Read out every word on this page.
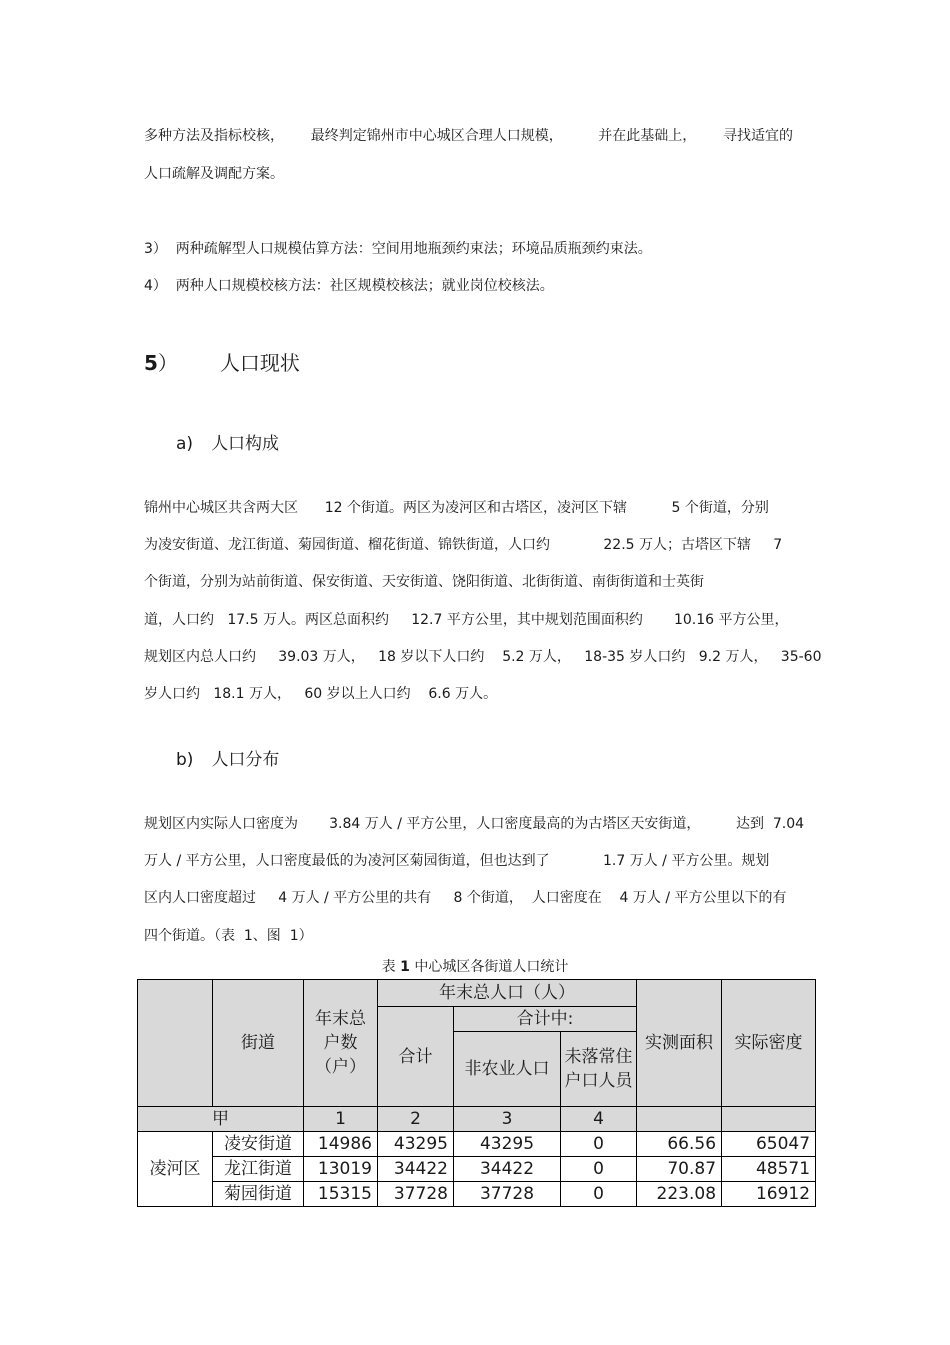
多种方法及指标校核，      最终判定锦州市中心城区合理人口规模，        并在此基础上，      寻找适宜的
人口疏解及调配方案。
3）  两种疏解型人口规模估算方法：空间用地瓶颈约束法；环境品质瓶颈约束法。
4）  两种人口规模校核方法：社区规模校核法；就业岗位校核法。
5） 人口现状
a) 人口构成
锦州中心城区共含两大区      12 个街道。两区为凌河区和古塔区，凌河区下辖          5 个街道，分别
为凌安街道、龙江街道、菊园街道、榴花街道、锦铁街道，人口约            22.5 万人；古塔区下辖     7
个街道，分别为站前街道、保安街道、天安街道、饶阳街道、北街街道、南街街道和士英街
道，人口约   17.5 万人。两区总面积约     12.7 平方公里，其中规划范围面积约       10.16 平方公里，
规划区内总人口约     39.03 万人，   18 岁以下人口约    5.2 万人，   18-35 岁人口约   9.2 万人，   35-60
岁人口约   18.1 万人，   60 岁以上人口约    6.6 万人。
b) 人口分布
规划区内实际人口密度为       3.84 万人 / 平方公里，人口密度最高的为古塔区天安街道，        达到  7.04
万人 / 平方公里，人口密度最低的为凌河区菊园街道，但也达到了            1.7 万人 / 平方公里。规划
区内人口密度超过     4 万人 / 平方公里的共有     8 个街道，  人口密度在    4 万人 / 平方公里以下的有
四个街道。（表  1、图  1）
表 1 中心城区各街道人口统计
	街道	年末总户数（户）	年末总人口（人）			实测面积	实际密度
			合计	合计中:			
				非农业人口	未落常住户口人员		

甲		1	2	3	4		
凌河区	凌安街道	14986	43295	43295	0	66.56	65047
	龙江街道	13019	34422	34422	0	70.87	48571
	菊园街道	15315	37728	37728	0	223.08	16912
